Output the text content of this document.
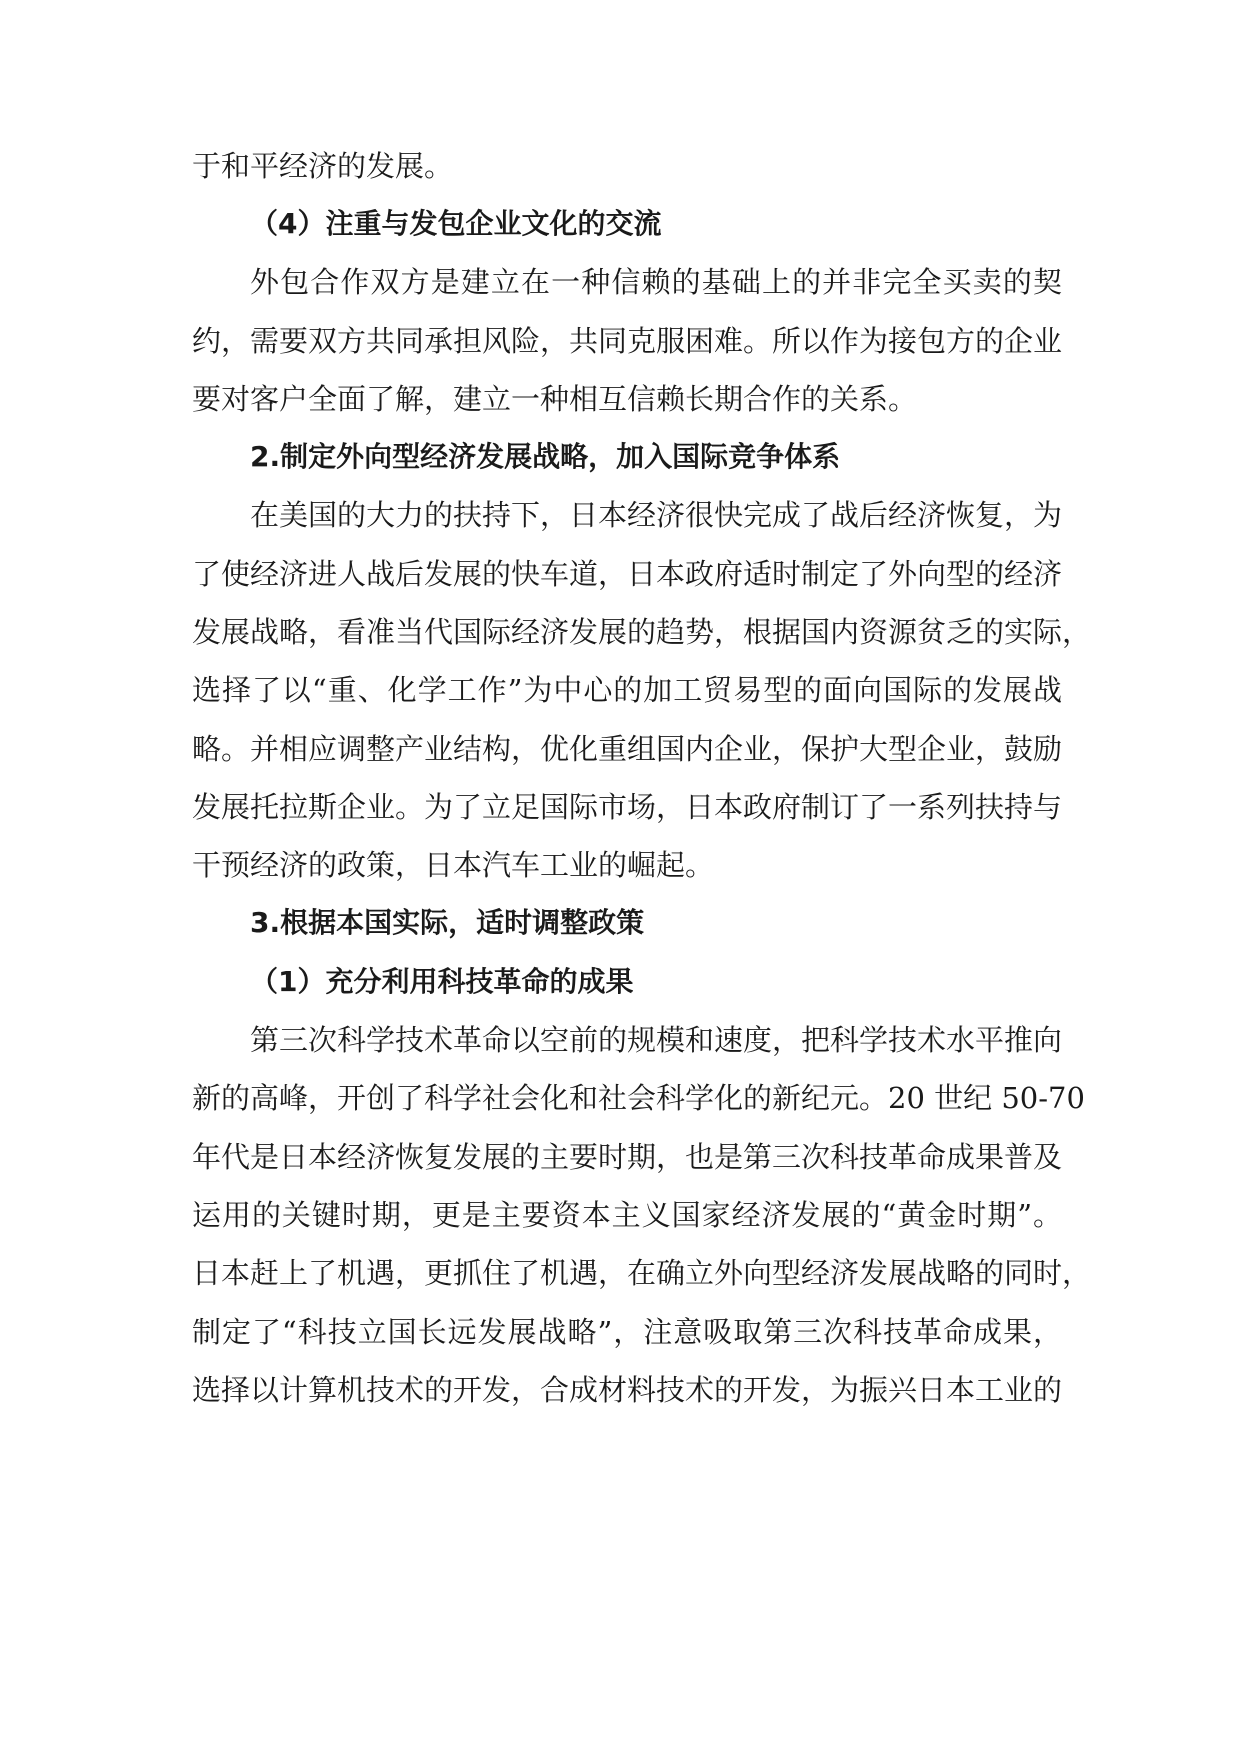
于和平经济的发展。
（4）注重与发包企业文化的交流
外包合作双方是建立在一种信赖的基础上的并非完全买卖的契
约，需要双方共同承担风险，共同克服困难。所以作为接包方的企业
要对客户全面了解，建立一种相互信赖长期合作的关系。
2.制定外向型经济发展战略，加入国际竞争体系
在美国的大力的扶持下，日本经济很快完成了战后经济恢复，为
了使经济进人战后发展的快车道，日本政府适时制定了外向型的经济
发展战略，看准当代国际经济发展的趋势，根据国内资源贫乏的实际，
选择了以“重、化学工作”为中心的加工贸易型的面向国际的发展战
略。并相应调整产业结构，优化重组国内企业，保护大型企业，鼓励
发展托拉斯企业。为了立足国际市场，日本政府制订了一系列扶持与
干预经济的政策，日本汽车工业的崛起。
3.根据本国实际，适时调整政策
（1）充分利用科技革命的成果
第三次科学技术革命以空前的规模和速度，把科学技术水平推向
新的高峰，开创了科学社会化和社会科学化的新纪元。20 世纪 50-70
年代是日本经济恢复发展的主要时期，也是第三次科技革命成果普及
运用的关键时期，更是主要资本主义国家经济发展的“黄金时期”。
日本赶上了机遇，更抓住了机遇，在确立外向型经济发展战略的同时，
制定了“科技立国长远发展战略”，注意吸取第三次科技革命成果，
选择以计算机技术的开发，合成材料技术的开发，为振兴日本工业的
